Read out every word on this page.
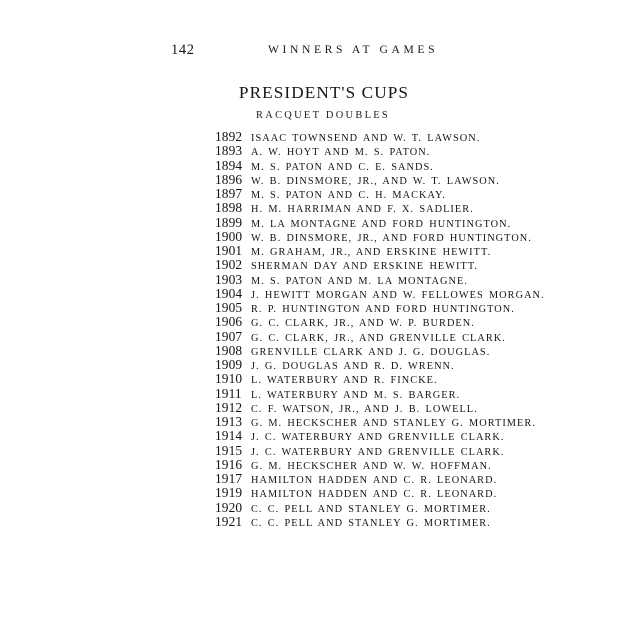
142	WINNERS AT GAMES
PRESIDENT'S CUPS
RACQUET DOUBLES
1892 ISAAC TOWNSEND AND W. T. LAWSON.
1893 A. W. HOYT AND M. S. PATON.
1894 M. S. PATON AND C. E. SANDS.
1896 W. B. DINSMORE, JR., AND W. T. LAWSON.
1897 M. S. PATON AND C. H. MACKAY.
1898 H. M. HARRIMAN AND F. X. SADLIER.
1899 M. LA MONTAGNE AND FORD HUNTINGTON.
1900 W. B. DINSMORE, JR., AND FORD HUNTINGTON.
1901 M. GRAHAM, JR., AND ERSKINE HEWITT.
1902 SHERMAN DAY AND ERSKINE HEWITT.
1903 M. S. PATON AND M. LA MONTAGNE.
1904 J. HEWITT MORGAN AND W. FELLOWES MORGAN.
1905 R. P. HUNTINGTON AND FORD HUNTINGTON.
1906 G. C. CLARK, JR., AND W. P. BURDEN.
1907 G. C. CLARK, JR., AND GRENVILLE CLARK.
1908 GRENVILLE CLARK AND J. G. DOUGLAS.
1909 J. G. DOUGLAS AND R. D. WRENN.
1910 L. WATERBURY AND R. FINCKE.
1911 L. WATERBURY AND M. S. BARGER.
1912 C. F. WATSON, JR., AND J. B. LOWELL.
1913 G. M. HECKSCHER AND STANLEY G. MORTIMER.
1914 J. C. WATERBURY AND GRENVILLE CLARK.
1915 J. C. WATERBURY AND GRENVILLE CLARK.
1916 G. M. HECKSCHER AND W. W. HOFFMAN.
1917 HAMILTON HADDEN AND C. R. LEONARD.
1919 HAMILTON HADDEN AND C. R. LEONARD.
1920 C. C. PELL AND STANLEY G. MORTIMER.
1921 C. C. PELL AND STANLEY G. MORTIMER.
